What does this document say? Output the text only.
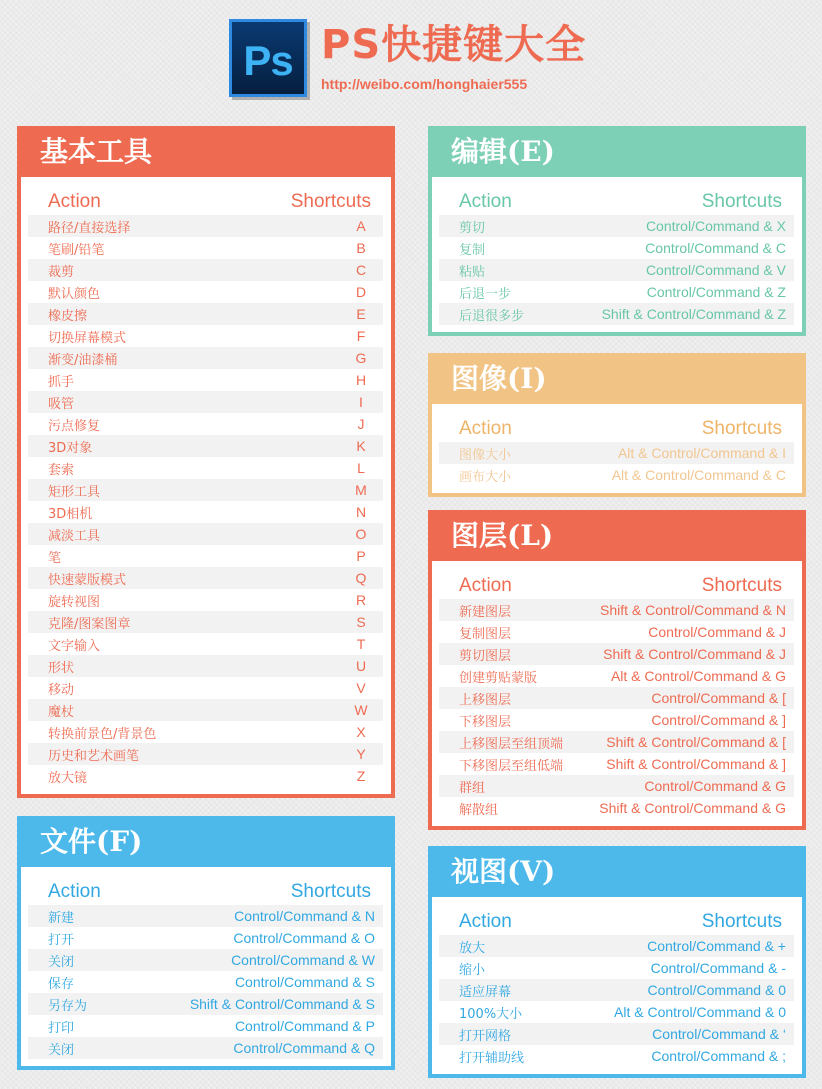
Ps PS快捷键大全
http://weibo.com/honghaier555
基本工具
Action	Shortcuts
路径/直接选择	A
笔刷/铅笔	B
裁剪	C
默认颜色	D
橡皮擦	E
切换屏幕模式	F
渐变/油漆桶	G
抓手	H
吸管	I
污点修复	J
3D对象	K
套索	L
矩形工具	M
3D相机	N
减淡工具	O
笔	P
快速蒙版模式	Q
旋转视图	R
克隆/图案图章	S
文字输入	T
形状	U
移动	V
魔杖	W
转换前景色/背景色	X
历史和艺术画笔	Y
放大镜	Z
文件(F)
Action	Shortcuts
新建	Control/Command & N
打开	Control/Command & O
关闭	Control/Command & W
保存	Control/Command & S
另存为	Shift & Control/Command & S
打印	Control/Command & P
关闭	Control/Command & Q
编辑(E)
Action	Shortcuts
剪切	Control/Command & X
复制	Control/Command & C
粘贴	Control/Command & V
后退一步	Control/Command & Z
后退很多步	Shift & Control/Command & Z
图像(I)
Action	Shortcuts
图像大小	Alt & Control/Command & I
画布大小	Alt & Control/Command & C
图层(L)
Action	Shortcuts
新建图层	Shift & Control/Command & N
复制图层	Control/Command & J
剪切图层	Shift & Control/Command & J
创建剪贴蒙版	Alt & Control/Command & G
上移图层	Control/Command & [
下移图层	Control/Command & ]
上移图层至组顶端	Shift & Control/Command & [
下移图层至组低端	Shift & Control/Command & ]
群组	Control/Command & G
解散组	Shift & Control/Command & G
视图(V)
Action	Shortcuts
放大	Control/Command & +
缩小	Control/Command & -
适应屏幕	Control/Command & 0
100%大小	Alt & Control/Command & 0
打开网格	Control/Command & ‘
打开辅助线	Control/Command & ;
